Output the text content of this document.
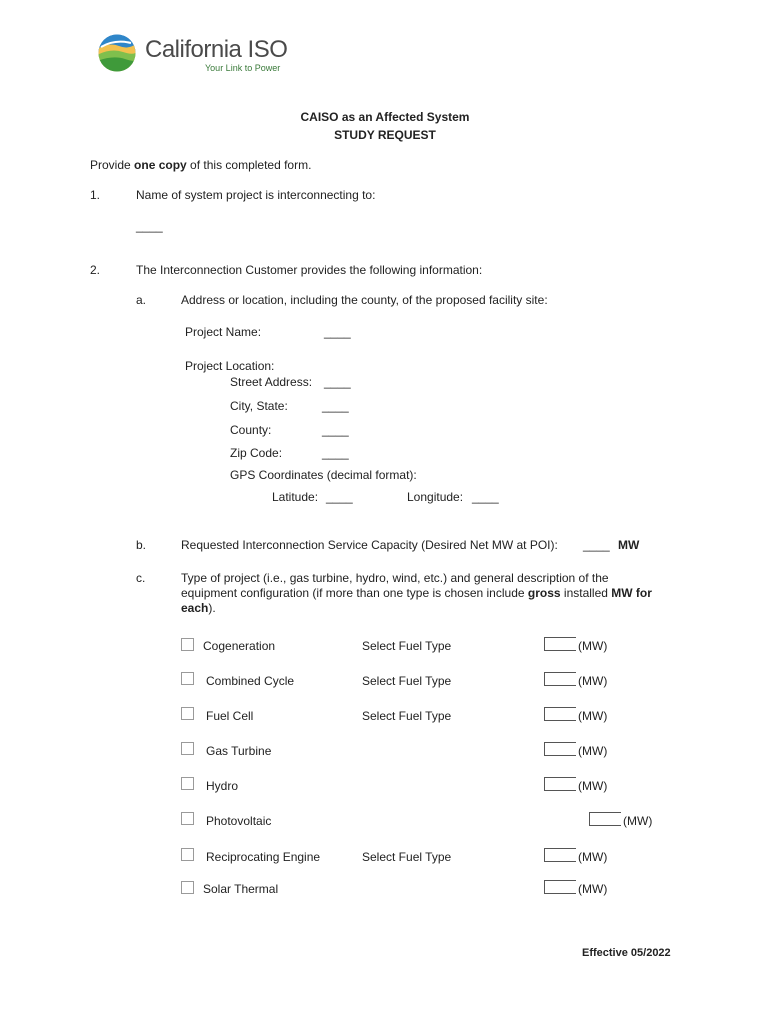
California ISO
Your Link to Power
CAISO as an Affected System
STUDY REQUEST
Provide one copy of this completed form.
1.	Name of system project is interconnecting to:
____
2.	The Interconnection Customer provides the following information:
a.	Address or location, including the county, of the proposed facility site:
Project Name:	____
Project Location:
Street Address: ____
City, State:	____
County:	____
Zip Code:	____
GPS Coordinates (decimal format):
Latitude: ____	Longitude: ____
b.	Requested Interconnection Service Capacity (Desired Net MW at POI): ____ MW
c.	Type of project (i.e., gas turbine, hydro, wind, etc.) and general description of the
equipment configuration (if more than one type is chosen include gross installed MW for
each).
Cogeneration	Select Fuel Type	(MW)
Combined Cycle	Select Fuel Type	(MW)
Fuel Cell	Select Fuel Type	(MW)
Gas Turbine	(MW)
Hydro	(MW)
Photovoltaic	(MW)
Reciprocating Engine	Select Fuel Type	(MW)
Solar Thermal	(MW)
Effective 05/2022
